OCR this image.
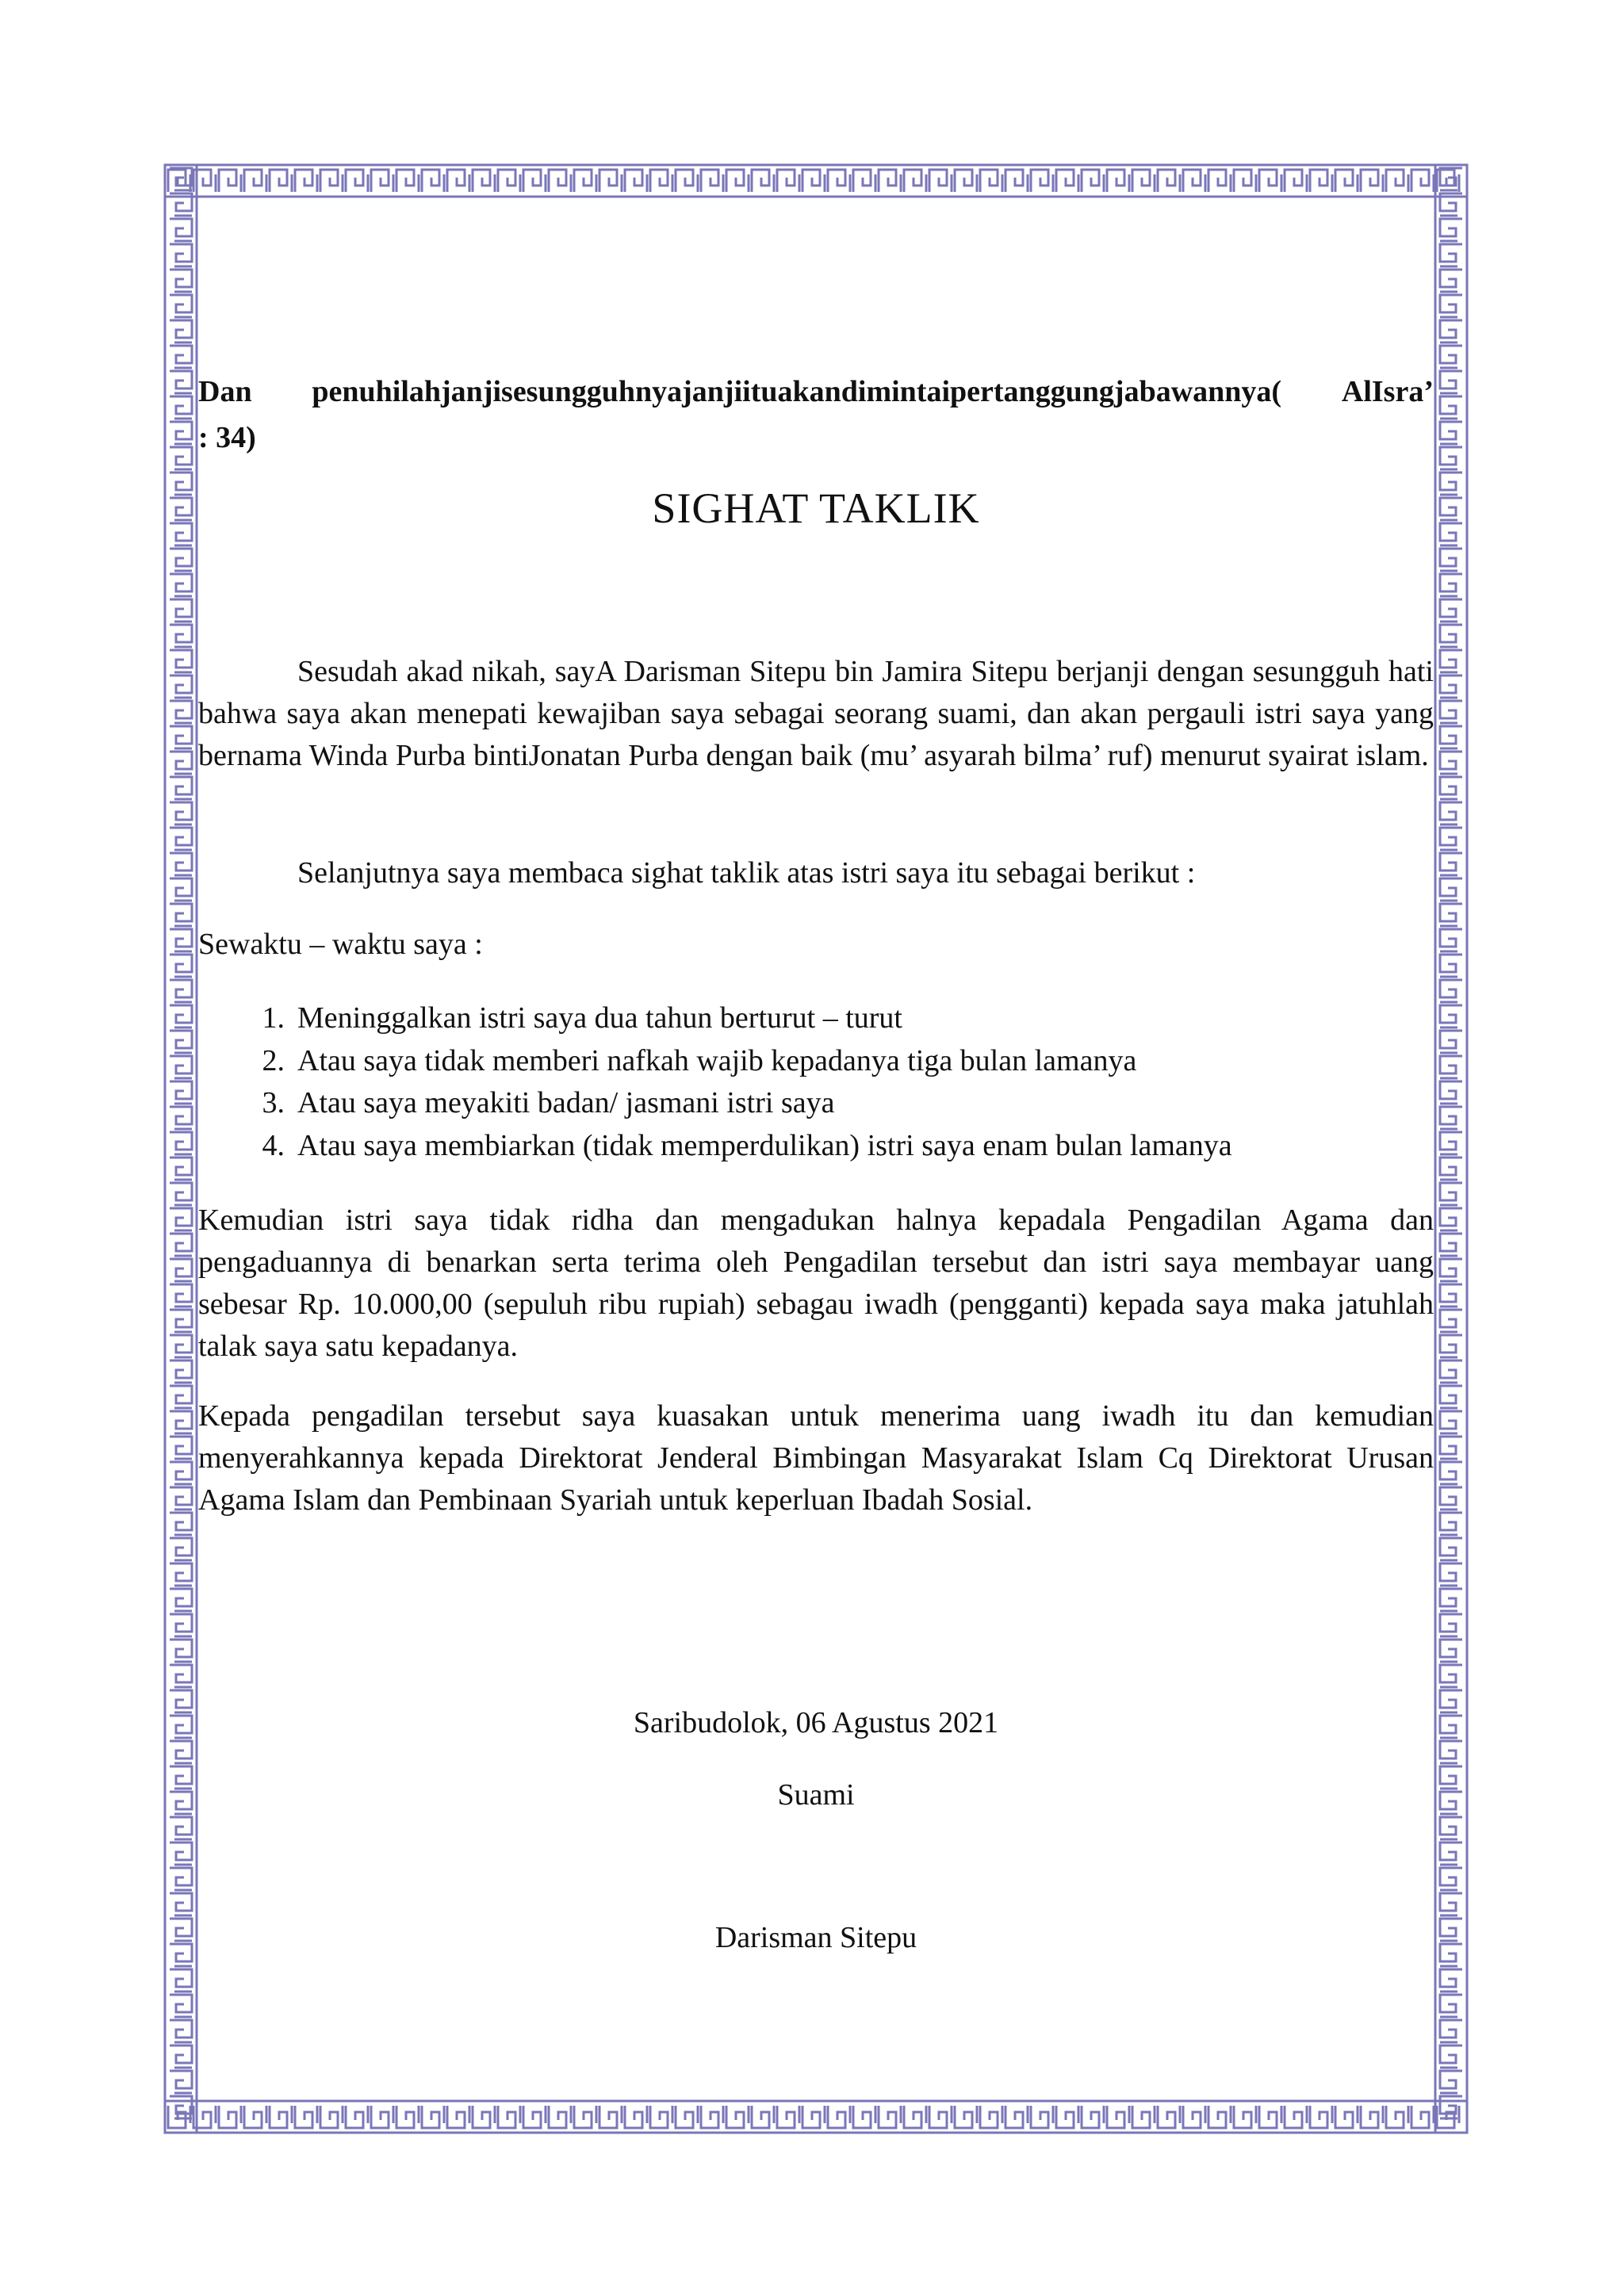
Dan penuhilahjanjisesungguhnyajanjiituakandimintaipertanggungjabawannya( AlIsra’
: 34)
SIGHAT TAKLIK

Sesudah akad nikah, sayA Darisman Sitepu bin Jamira Sitepu berjanji dengan sesungguh hati bahwa saya akan menepati kewajiban saya sebagai seorang suami, dan akan pergauli istri saya yang bernama Winda Purba bintiJonatan Purba dengan baik (mu’ asyarah bilma’ ruf) menurut syairat islam.

Selanjutnya saya membaca sighat taklik atas istri saya itu sebagai berikut :

Sewaktu – waktu saya :

1. Meninggalkan istri saya dua tahun berturut – turut
2. Atau saya tidak memberi nafkah wajib kepadanya tiga bulan lamanya
3. Atau saya meyakiti badan/ jasmani istri saya
4. Atau saya membiarkan (tidak memperdulikan) istri saya enam bulan lamanya

Kemudian istri saya tidak ridha dan mengadukan halnya kepadala Pengadilan Agama dan pengaduannya di benarkan serta terima oleh Pengadilan tersebut dan istri saya membayar uang sebesar Rp. 10.000,00 (sepuluh ribu rupiah) sebagau iwadh (pengganti) kepada saya maka jatuhlah talak saya satu kepadanya.

Kepada pengadilan tersebut saya kuasakan untuk menerima uang iwadh itu dan kemudian menyerahkannya kepada Direktorat Jenderal Bimbingan Masyarakat Islam Cq Direktorat Urusan Agama Islam dan Pembinaan Syariah untuk keperluan Ibadah Sosial.

Saribudolok, 06 Agustus 2021
Suami
Darisman Sitepu
